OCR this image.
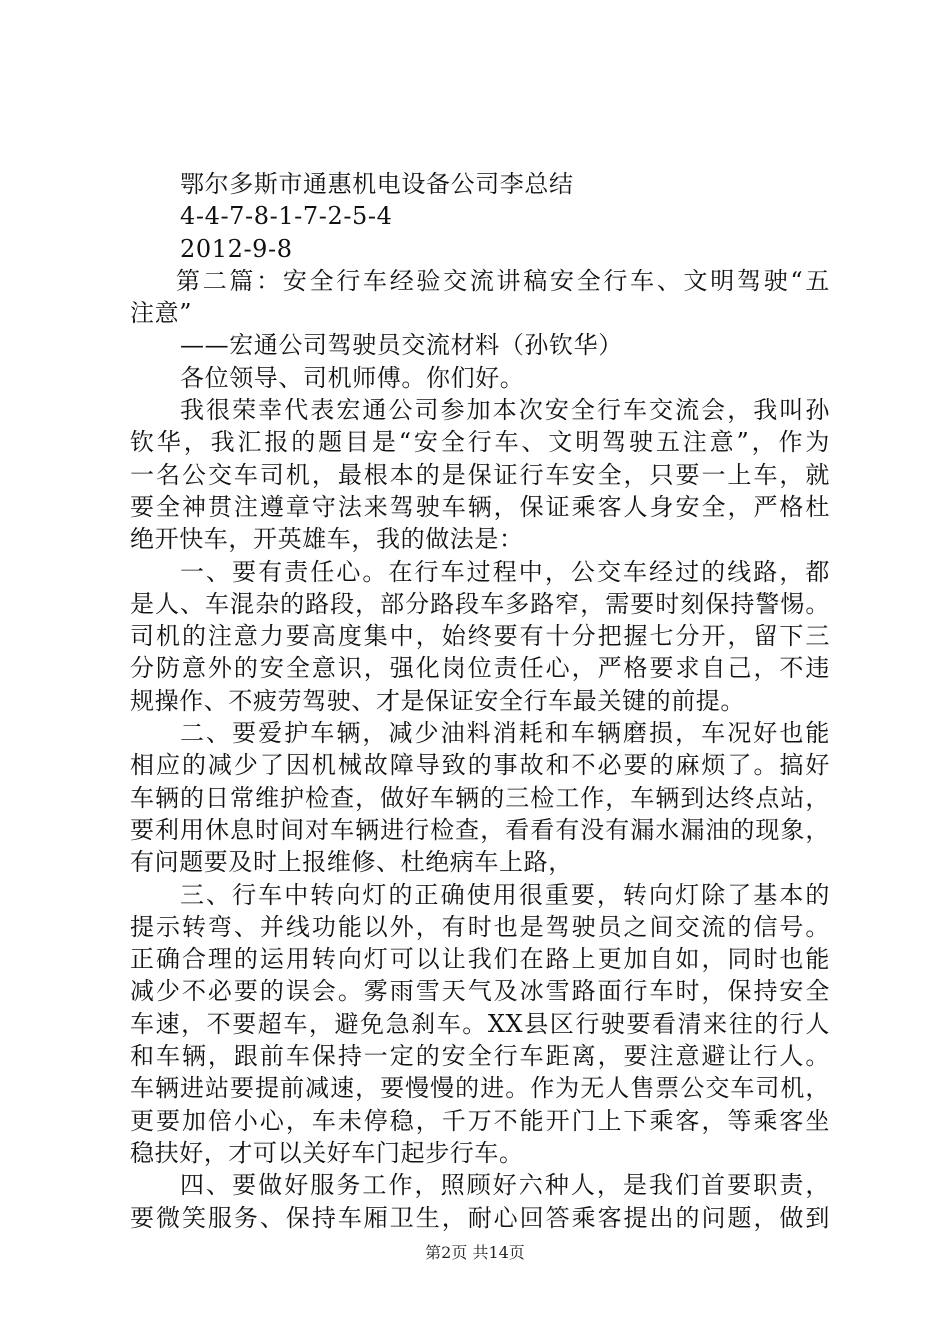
鄂尔多斯市通惠机电设备公司李总结
4-4-7-8-1-7-2-5-4
2012-9-8
第二篇：安全行车经验交流讲稿安全行车、文明驾驶“五
注意”
——宏通公司驾驶员交流材料（孙钦华）
各位领导、司机师傅。你们好。
我很荣幸代表宏通公司参加本次安全行车交流会，我叫孙
钦华，我汇报的题目是“安全行车、文明驾驶五注意”，作为
一名公交车司机，最根本的是保证行车安全，只要一上车，就
要全神贯注遵章守法来驾驶车辆，保证乘客人身安全，严格杜
绝开快车，开英雄车，我的做法是：
一、要有责任心。在行车过程中，公交车经过的线路，都
是人、车混杂的路段，部分路段车多路窄，需要时刻保持警惕。
司机的注意力要高度集中，始终要有十分把握七分开，留下三
分防意外的安全意识，强化岗位责任心，严格要求自己，不违
规操作、不疲劳驾驶、才是保证安全行车最关键的前提。
二、要爱护车辆，减少油料消耗和车辆磨损，车况好也能
相应的减少了因机械故障导致的事故和不必要的麻烦了。搞好
车辆的日常维护检查，做好车辆的三检工作，车辆到达终点站，
要利用休息时间对车辆进行检查，看看有没有漏水漏油的现象，
有问题要及时上报维修、杜绝病车上路，
三、行车中转向灯的正确使用很重要，转向灯除了基本的
提示转弯、并线功能以外，有时也是驾驶员之间交流的信号。
正确合理的运用转向灯可以让我们在路上更加自如，同时也能
减少不必要的误会。雾雨雪天气及冰雪路面行车时，保持安全
车速，不要超车，避免急刹车。XX县区行驶要看清来往的行人
和车辆，跟前车保持一定的安全行车距离，要注意避让行人。
车辆进站要提前减速，要慢慢的进。作为无人售票公交车司机，
更要加倍小心，车未停稳，千万不能开门上下乘客，等乘客坐
稳扶好，才可以关好车门起步行车。
四、要做好服务工作，照顾好六种人，是我们首要职责，
要微笑服务、保持车厢卫生，耐心回答乘客提出的问题，做到
第2页 共14页
